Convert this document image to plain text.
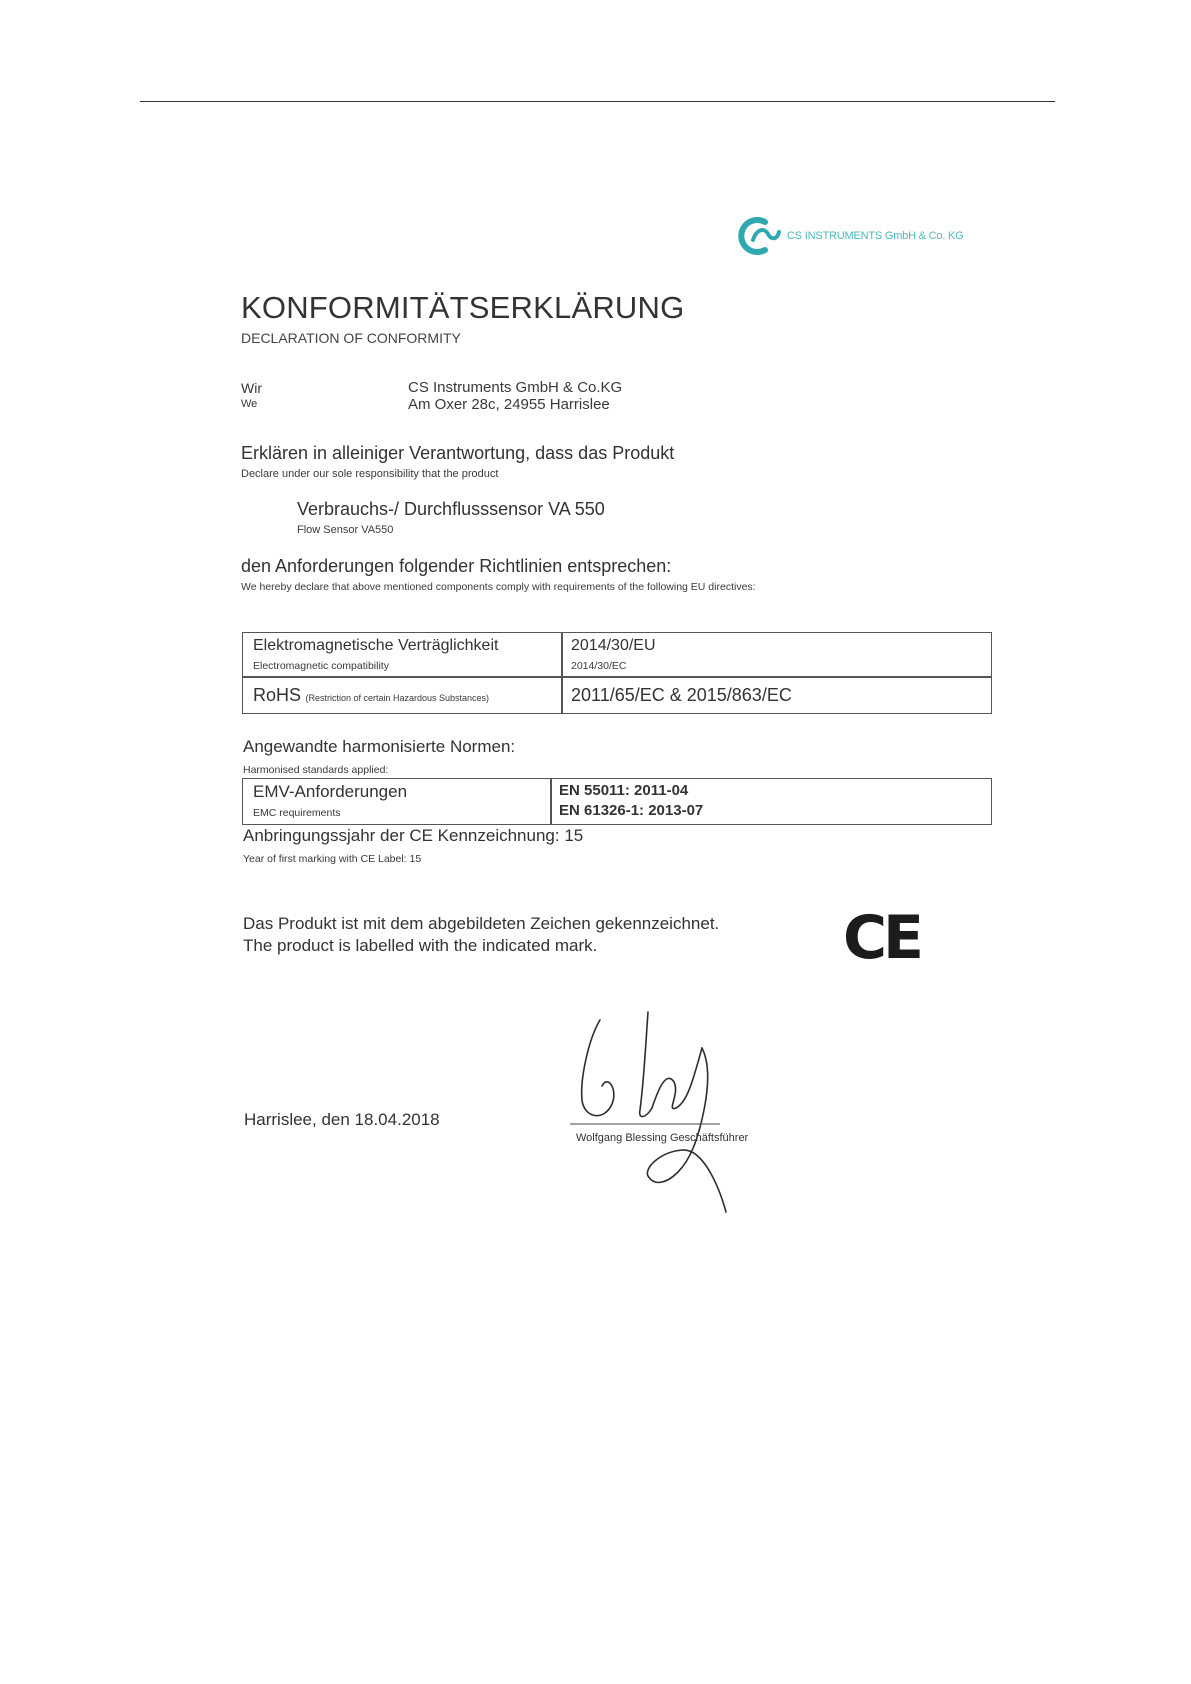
CS INSTRUMENTS GmbH & Co. KG
KONFORMITÄTSERKLÄRUNG
DECLARATION OF CONFORMITY
Wir
We
CS Instruments GmbH & Co.KG
Am Oxer 28c, 24955 Harrislee
Erklären in alleiniger Verantwortung, dass das Produkt
Declare under our sole responsibility that the product
Verbrauchs-/ Durchflusssensor VA 550
Flow Sensor VA550
den Anforderungen folgender Richtlinien entsprechen:
We hereby declare that above mentioned components comply with requirements of the following EU directives:
Elektromagnetische Verträglichkeit
Electromagnetic compatibility
2014/30/EU
2014/30/EC
RoHS (Restriction of certain Hazardous Substances)	2011/65/EC & 2015/863/EC
Angewandte harmonisierte Normen:
Harmonised standards applied:
EMV-Anforderungen
EMC requirements
EN 55011: 2011-04
EN 61326-1: 2013-07
Anbringungssjahr der CE Kennzeichnung: 15
Year of first marking with CE Label: 15
Das Produkt ist mit dem abgebildeten Zeichen gekennzeichnet.
The product is labelled with the indicated mark.	CE
Harrislee, den 18.04.2018
Wolfgang Blessing Geschäftsführer
